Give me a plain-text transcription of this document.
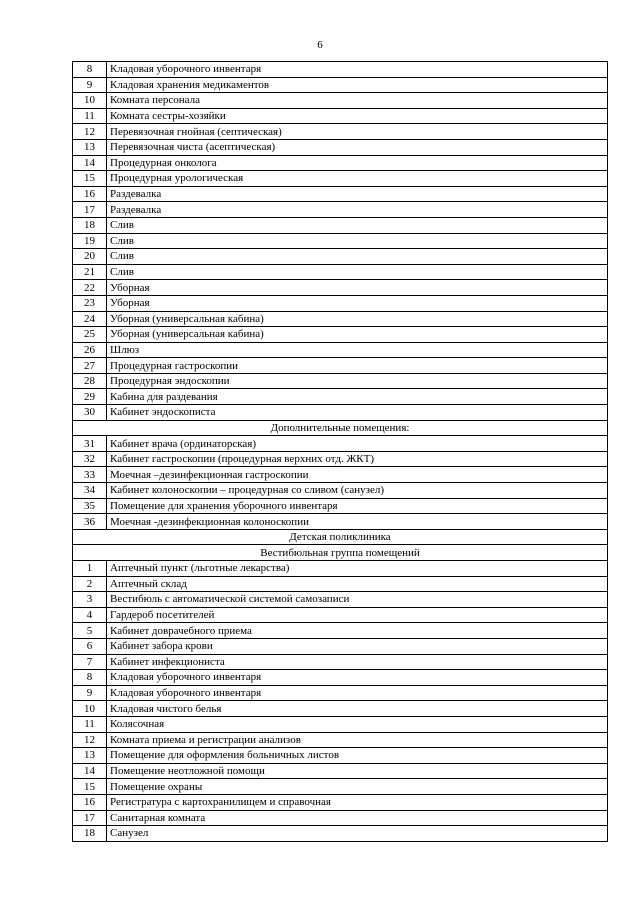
6
8	Кладовая уборочного инвентаря
9	Кладовая хранения медикаментов
10	Комната персонала
11	Комната сестры-хозяйки
12	Перевязочная гнойная (септическая)
13	Перевязочная чиста (асептическая)
14	Процедурная онколога
15	Процедурная урологическая
16	Раздевалка
17	Раздевалка
18	Слив
19	Слив
20	Слив
21	Слив
22	Уборная
23	Уборная
24	Уборная (универсальная кабина)
25	Уборная (универсальная кабина)
26	Шлюз
27	Процедурная гастроскопии
28	Процедурная эндоскопии
29	Кабина для раздевания
30	Кабинет эндоскописта
Дополнительные помещения:	
31	Кабинет врача (ординаторская)
32	Кабинет гастроскопии (процедурная верхних отд. ЖКТ)
33	Моечная –дезинфекционная гастроскопии
34	Кабинет колоноскопии – процедурная со сливом (санузел)
35	Помещение для хранения уборочного инвентаря
36	Моечная -дезинфекционная колоноскопии
Детская поликлиника	
Вестибюльная группа помещений	
1	Аптечный пункт (льготные лекарства)
2	Аптечный склад
3	Вестибюль с автоматической системой самозаписи
4	Гардероб посетителей
5	Кабинет доврачебного приема
6	Кабинет забора крови
7	Кабинет инфекциониста
8	Кладовая уборочного инвентаря
9	Кладовая уборочного инвентаря
10	Кладовая чистого белья
11	Колясочная
12	Комната приема и регистрации анализов
13	Помещение для оформления больничных листов
14	Помещение неотложной помощи
15	Помещение охраны
16	Регистратура с картохранилищем и справочная
17	Санитарная комната
18	Санузел
